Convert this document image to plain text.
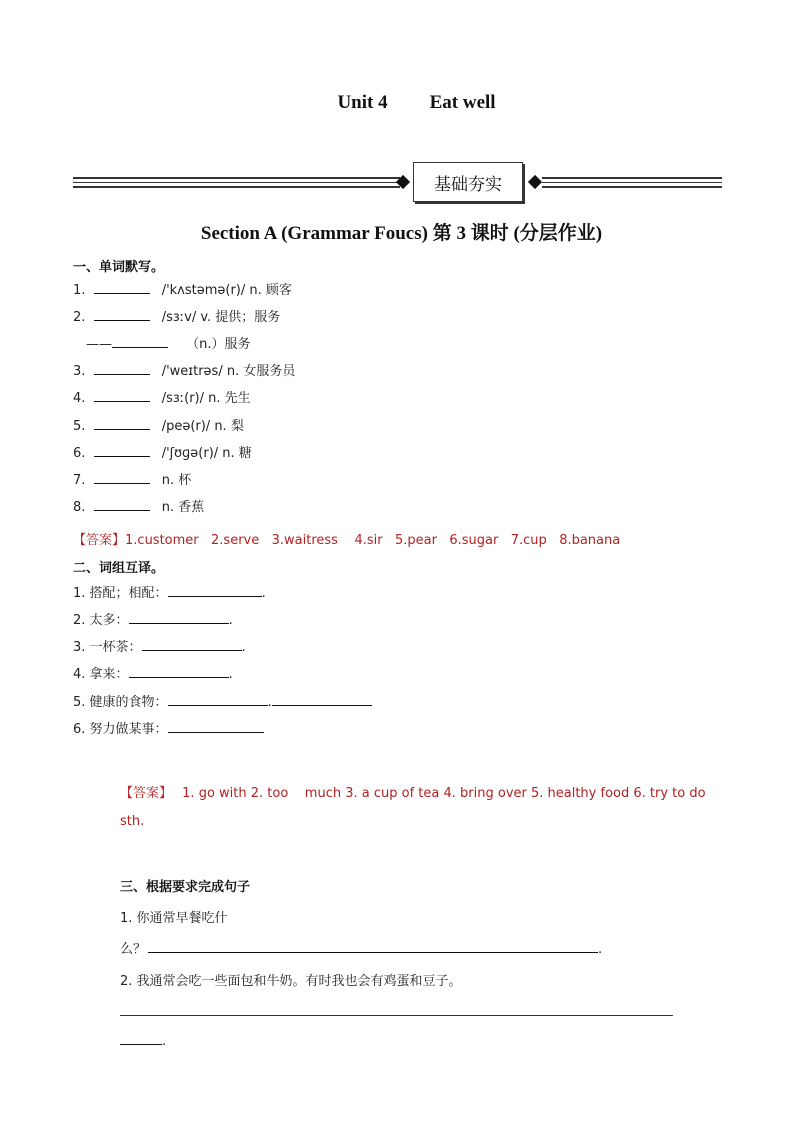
Unit 4 Eat well
基础夯实
Section A (Grammar Foucs) 第 3 课时 (分层作业)
一、单词默写。
1.	/'kʌstəmə(r)/ n. 顾客
2.	/sɜːv/ v. 提供；服务
——	（n.）服务
3.	/'weɪtrəs/ n. 女服务员
4.	/sɜː(r)/ n. 先生
5.	/peə(r)/ n. 梨
6.	/'ʃʊɡə(r)/ n. 糖
7.	n. 杯
8.	n. 香蕉
【答案】1.customer   2.serve   3.waitress    4.sir   5.pear   6.sugar   7.cup   8.banana
二、词组互译。
1. 搭配；相配：	.
2. 太多：	.
3. 一杯茶：	.
4. 拿来：	.
5. 健康的食物：	.
6. 努力做某事：
【答案】 1. go with 2. too    much 3. a cup of tea 4. bring over 5. healthy food 6. try to do
sth.
三、根据要求完成句子
1. 你通常早餐吃什
么？	.
2. 我通常会吃一些面包和牛奶。有时我也会有鸡蛋和豆子。
.
